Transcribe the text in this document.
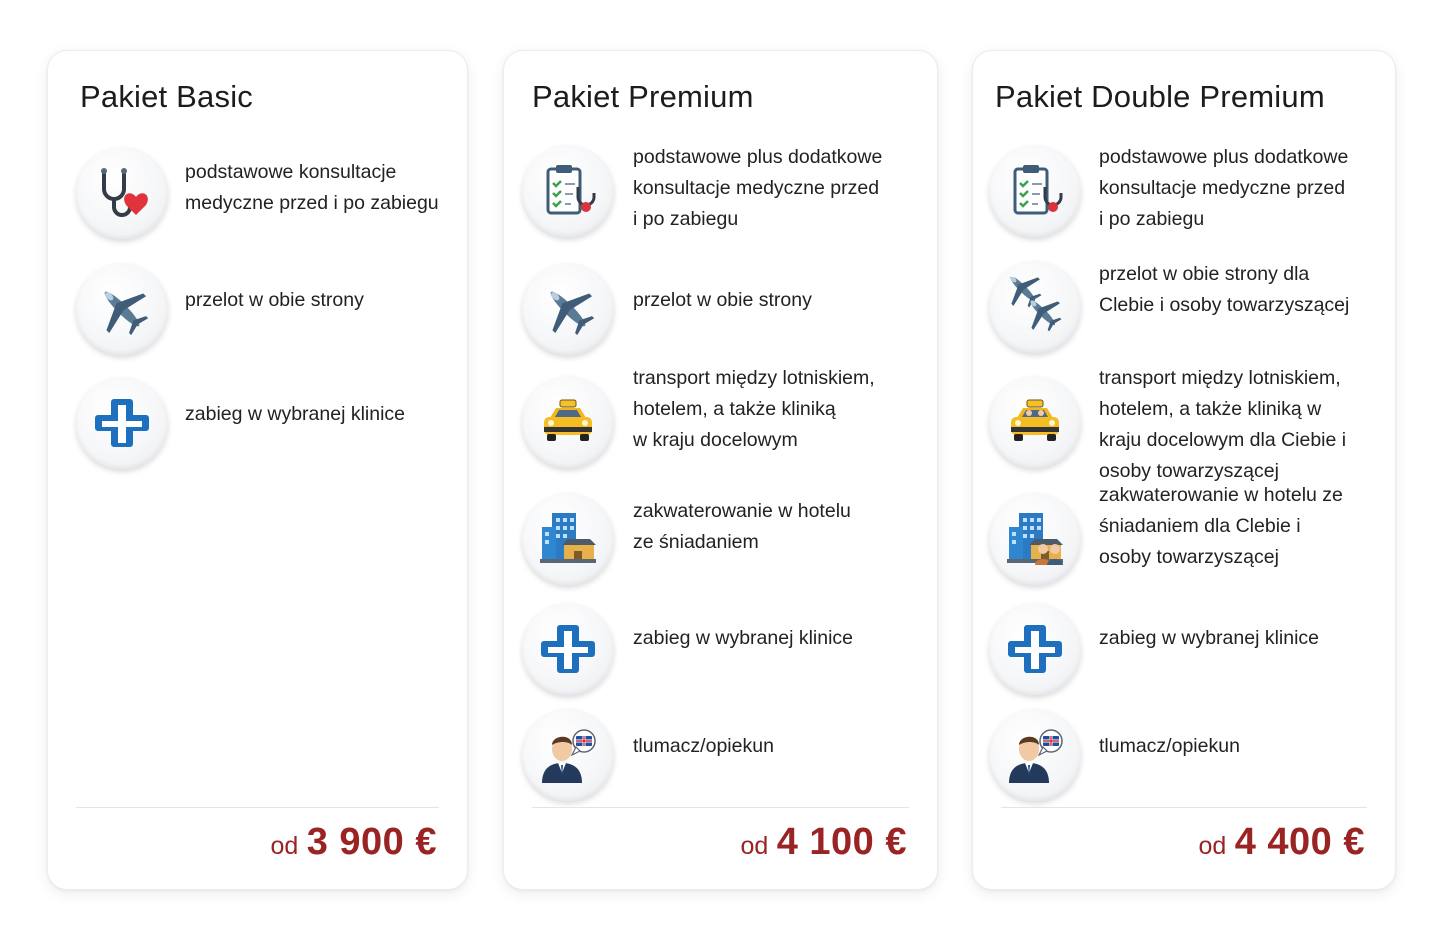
Pakiet Basic
podstawowe konsultacje
medyczne przed i po zabiegu
przelot w obie strony
zabieg w wybranej klinice
od 3 900 €
Pakiet Premium
podstawowe plus dodatkowe
konsultacje medyczne przed
i po zabiegu
przelot w obie strony
transport między lotniskiem,
hotelem, a także kliniką
w kraju docelowym
zakwaterowanie w hotelu
ze śniadaniem
zabieg w wybranej klinice
tlumacz/opiekun
od 4 100 €
Pakiet Double Premium
podstawowe plus dodatkowe
konsultacje medyczne przed
i po zabiegu
przelot w obie strony dla
Clebie i osoby towarzyszącej
transport między lotniskiem,
hotelem, a także kliniką w
kraju docelowym dla Ciebie i
osoby towarzyszącej
zakwaterowanie w hotelu ze
śniadaniem dla Clebie i
osoby towarzyszącej
zabieg w wybranej klinice
tlumacz/opiekun
od 4 400 €
